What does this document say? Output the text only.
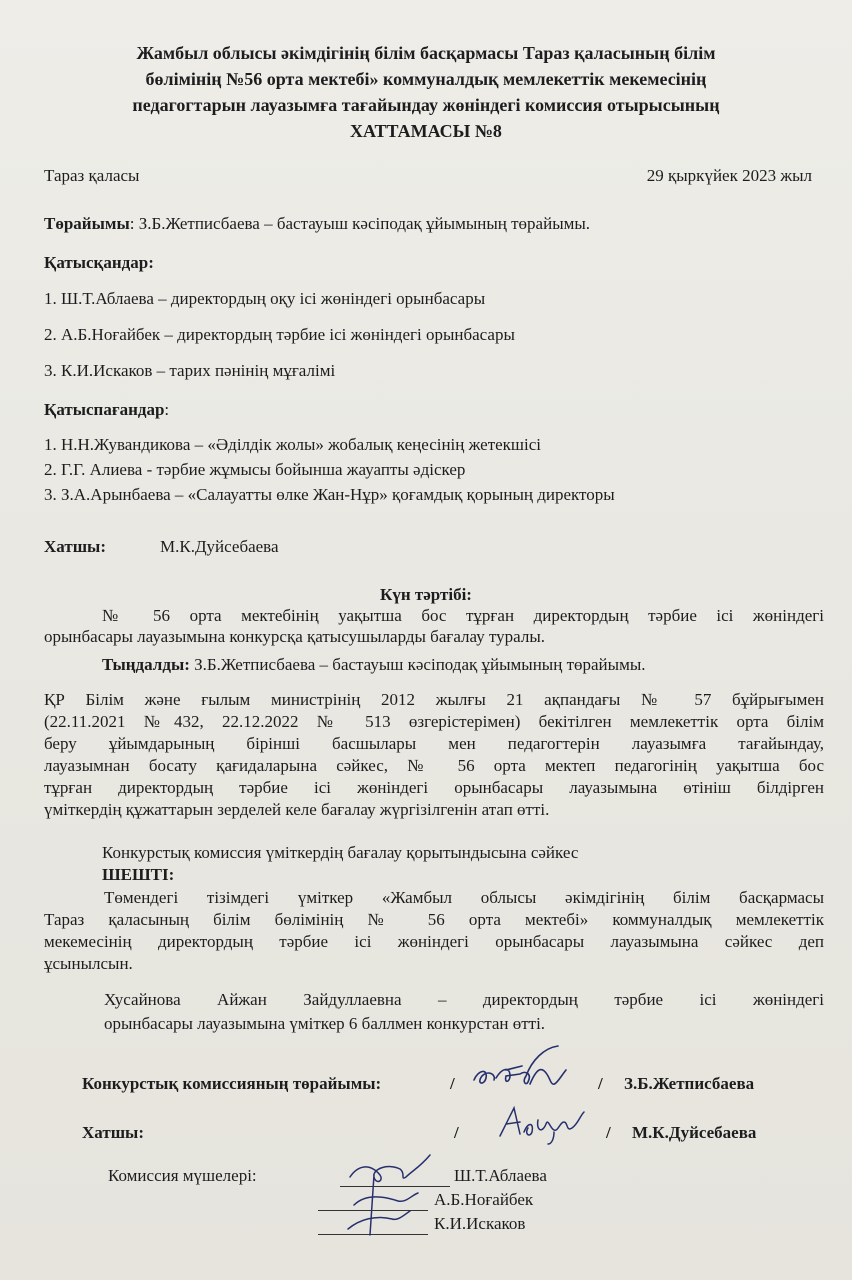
Жамбыл облысы әкімдігінің білім басқармасы Тараз қаласының білім
бөлімінің №56 орта мектебі» коммуналдық мемлекеттік мекемесінің
педагогтарын лауазымға тағайындау жөніндегі комиссия отырысының
ХАТТАМАСЫ №8
Тараз қаласы	29 қыркүйек 2023 жыл
Төрайымы: З.Б.Жетписбаева – бастауыш кәсіподақ ұйымының төрайымы.
Қатысқандар:
1. Ш.Т.Аблаева – директордың оқу ісі жөніндегі орынбасары
2. А.Б.Ноғайбек – директордың тәрбие ісі жөніндегі орынбасары
3. К.И.Искаков – тарих пәнінің мұғалімі
Қатыспағандар:
1. Н.Н.Жувандикова – «Әділдік жолы» жобалық кеңесінің жетекшісі
2. Г.Г. Алиева - тәрбие жұмысы бойынша жауапты әдіскер
3. З.А.Арынбаева – «Салауатты өлке Жан-Нұр» қоғамдық қорының директоры
Хатшы:	М.К.Дуйсебаева
Күн тәртібі:
№ 56 орта мектебінің уақытша бос тұрған директордың тәрбие ісі жөніндегі
орынбасары лауазымына конкурсқа қатысушыларды бағалау туралы.
Тыңдалды: З.Б.Жетписбаева – бастауыш кәсіподақ ұйымының төрайымы.
ҚР Білім және ғылым министрінің 2012 жылғы 21 ақпандағы № 57 бұйрығымен
(22.11.2021 №432, 22.12.2022 № 513 өзгерістерімен) бекітілген мемлекеттік орта білім
беру ұйымдарының бірінші басшылары мен педагогтерін лауазымға тағайындау,
лауазымнан босату қағидаларына сәйкес, № 56 орта мектеп педагогінің уақытша бос
тұрған директордың тәрбие ісі жөніндегі орынбасары лауазымына өтініш білдірген
үміткердің құжаттарын зерделей келе бағалау жүргізілгенін атап өтті.
Конкурстық комиссия үміткердің бағалау қорытындысына сәйкес
ШЕШТІ:
Төмендегі тізімдегі үміткер «Жамбыл облысы әкімдігінің білім басқармасы
Тараз қаласының білім бөлімінің № 56 орта мектебі» коммуналдық мемлекеттік
мекемесінің директордың тәрбие ісі жөніндегі орынбасары лауазымына сәйкес деп
ұсынылсын.
Хусайнова Айжан Зайдуллаевна – директордың тәрбие ісі жөніндегі
орынбасары лауазымына үміткер 6 баллмен конкурстан өтті.
Конкурстық комиссияның төрайымы:	/	/ З.Б.Жетписбаева
Хатшы:	/	/ М.К.Дуйсебаева
Комиссия мүшелері:	Ш.Т.Аблаева
А.Б.Ноғайбек
К.И.Искаков
